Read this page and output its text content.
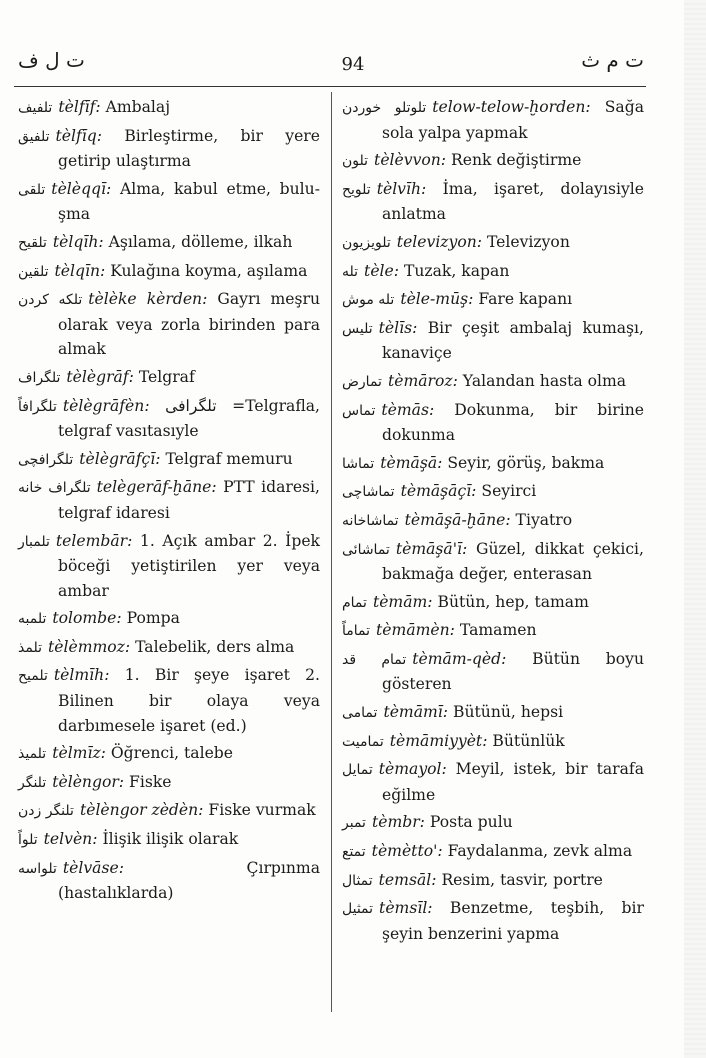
ت ل ف	94	ت م ث
تلفيف tèlfīf: Ambalaj
تلفيق tèlfīq: Birleştirme, bir yere getirip ulaştırma
تلقى tèlèqqī: Alma, kabul etme, buluşma
تلقيح tèlqīh: Aşılama, dölleme, ilkah
تلقين tèlqīn: Kulağına koyma, aşılama
تلكه كردن tèlèke kèrden: Gayrı meşru olarak veya zorla birinden para almak
تلگراف tèlègrāf: Telgraf
تلگرافاً tèlègrāfèn: تلگرافى =Telgrafla, telgraf vasıtasıyle
تلگرافچى tèlègrāfçī: Telgraf memuru
تلگراف خانه telègerāf-ḫāne: PTT idaresi, telgraf idaresi
تلمبار telembār: 1. Açık ambar 2. İpek böceği yetiştirilen yer veya ambar
تلمبه tolombe: Pompa
تلمذ tèlèmmoz: Talebelik, ders alma
تلميح tèlmīh: 1. Bir şeye işaret 2. Bilinen bir olaya veya darbımesele işaret (ed.)
تلميذ tèlmīz: Öğrenci, talebe
تلنگر tèlèngor: Fiske
تلنگر زدن tèlèngor zèdèn: Fiske vurmak
تلواً telvèn: İlişik ilişik olarak
تلواسه tèlvāse: Çırpınma (hastalıklarda)
تلوتلو خوردن telow-telow-ḫorden: Sağa sola yalpa yapmak
تلون tèlèvvon: Renk değiştirme
تلويح tèlvīh: İma, işaret, dolayısiyle anlatma
تلويزيون televizyon: Televizyon
تله tèle: Tuzak, kapan
تله موش tèle-mūş: Fare kapanı
تليس tèlīs: Bir çeşit ambalaj kumaşı, kanaviçe
تمارض tèmāroz: Yalandan hasta olma
تماس tèmās: Dokunma, bir birine dokunma
تماشا tèmāşā: Seyir, görüş, bakma
تماشاچى tèmāşāçī: Seyirci
تماشاخانه tèmāşā-ḫāne: Tiyatro
تماشائى tèmāşā'ī: Güzel, dikkat çekici, bakmağa değer, enterasan
تمام tèmām: Bütün, hep, tamam
تماماً tèmāmèn: Tamamen
تمام قد tèmām-qèd: Bütün boyu gösteren
تمامى tèmāmī: Bütünü, hepsi
تماميت tèmāmiyyèt: Bütünlük
تمايل tèmayol: Meyil, istek, bir tarafa eğilme
تمبر tèmbr: Posta pulu
تمتع tèmètto': Faydalanma, zevk alma
تمثال temsāl: Resim, tasvir, portre
تمثيل tèmsīl: Benzetme, teşbih, bir şeyin benzerini yapma
